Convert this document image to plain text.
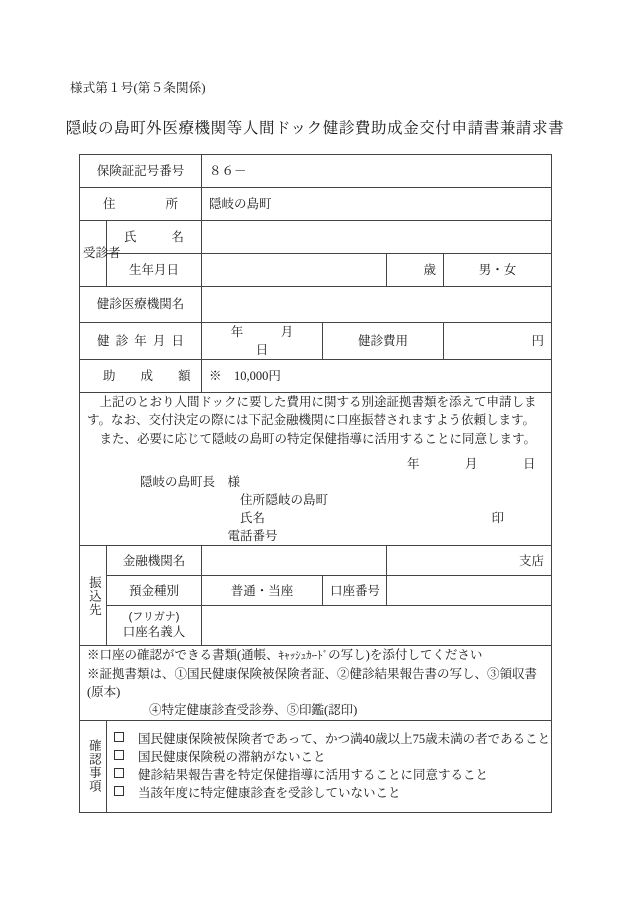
様式第１号(第５条関係)
隠岐の島町外医療機関等人間ドック健診費助成金交付申請書兼請求書
保険証記号番号		８６－			

住　　　　所		隠岐の島町			
受診者	氏　名				

	生年月日			歳	男・女
健診医療機関名					

健診年月日		年　　　月　　　日	健診費用		円

助　　成　　額		※　10,000円			

上記のとおり人間ドックに要した費用に関する別途証拠書類を添えて申請します。なお、交付決定の際には下記金融機関に口座振替されますよう依頼します。

また、必要に応じて隠岐の島町の特定保健指導に活用することに同意します。

年	月	日

隠岐の島町長 様

住所隠岐の島町

氏名	印

電話番号

振込先	金融機関名			支店	
	預金種別	普通・当座	口座番号		

	(フリガナ)
口座名義人				

※口座の確認ができる書類(通帳、ｷｬｯｼｭｶｰﾄﾞの写し)を添付してください

※証拠書類は、①国民健康保険被保険者証、②健診結果報告書の写し、③領収書(原本)

④特定健康診査受診券、⑤印鑑(認印)					

確認事項	国民健康保険被保険者であって、かつ満40歳以上75歳未満の者であること
国民健康保険税の滞納がないこと
健診結果報告書を特定保健指導に活用することに同意すること
当該年度に特定健康診査を受診していないこと				
